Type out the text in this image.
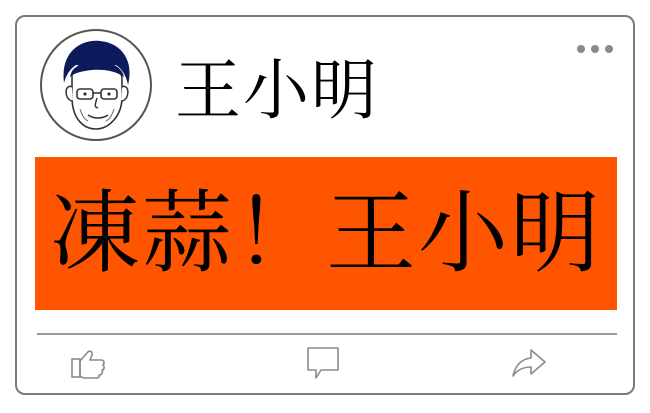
王小明
凍蒜！王小明
